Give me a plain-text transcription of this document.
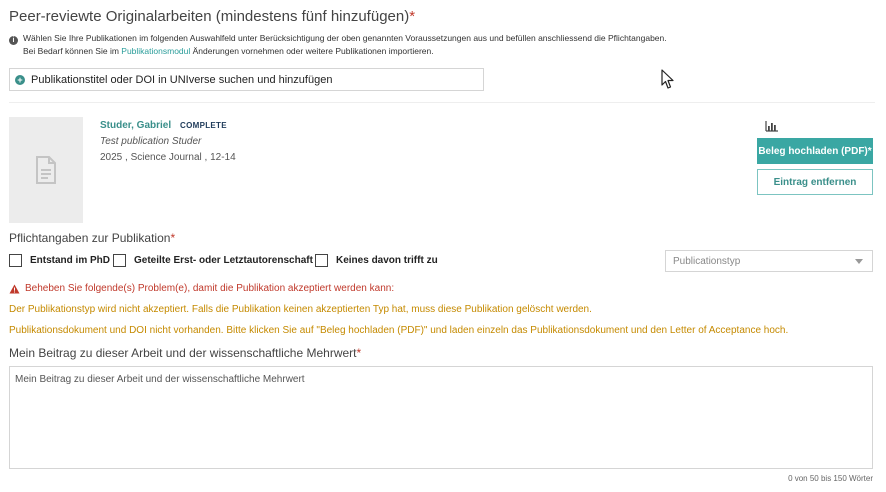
Peer-reviewte Originalarbeiten (mindestens fünf hinzufügen)*
i Wählen Sie Ihre Publikationen im folgenden Auswahlfeld unter Berücksichtigung der oben genannten Voraussetzungen aus und befüllen anschliessend die Pflichtangaben.
Bei Bedarf können Sie im Publikationsmodul Änderungen vornehmen oder weitere Publikationen importieren.
+ Publikationstitel oder DOI in UNIverse suchen und hinzufügen
Studer, Gabriel COMPLETE
Test publication Studer
2025 , Science Journal , 12-14
Beleg hochladen (PDF)*
Eintrag entfernen
Pflichtangaben zur Publikation*
Entstand im PhD Geteilte Erst- oder Letztautorenschaft Keines davon trifft zu	Publicationstyp
Beheben Sie folgende(s) Problem(e), damit die Publikation akzeptiert werden kann:
Der Publikationstyp wird nicht akzeptiert. Falls die Publikation keinen akzeptierten Typ hat, muss diese Publikation gelöscht werden.
Publikationsdokument und DOI nicht vorhanden. Bitte klicken Sie auf "Beleg hochladen (PDF)" und laden einzeln das Publikationsdokument und den Letter of Acceptance hoch.
Mein Beitrag zu dieser Arbeit und der wissenschaftliche Mehrwert*
Mein Beitrag zu dieser Arbeit und der wissenschaftliche Mehrwert
0 von 50 bis 150 Wörter
